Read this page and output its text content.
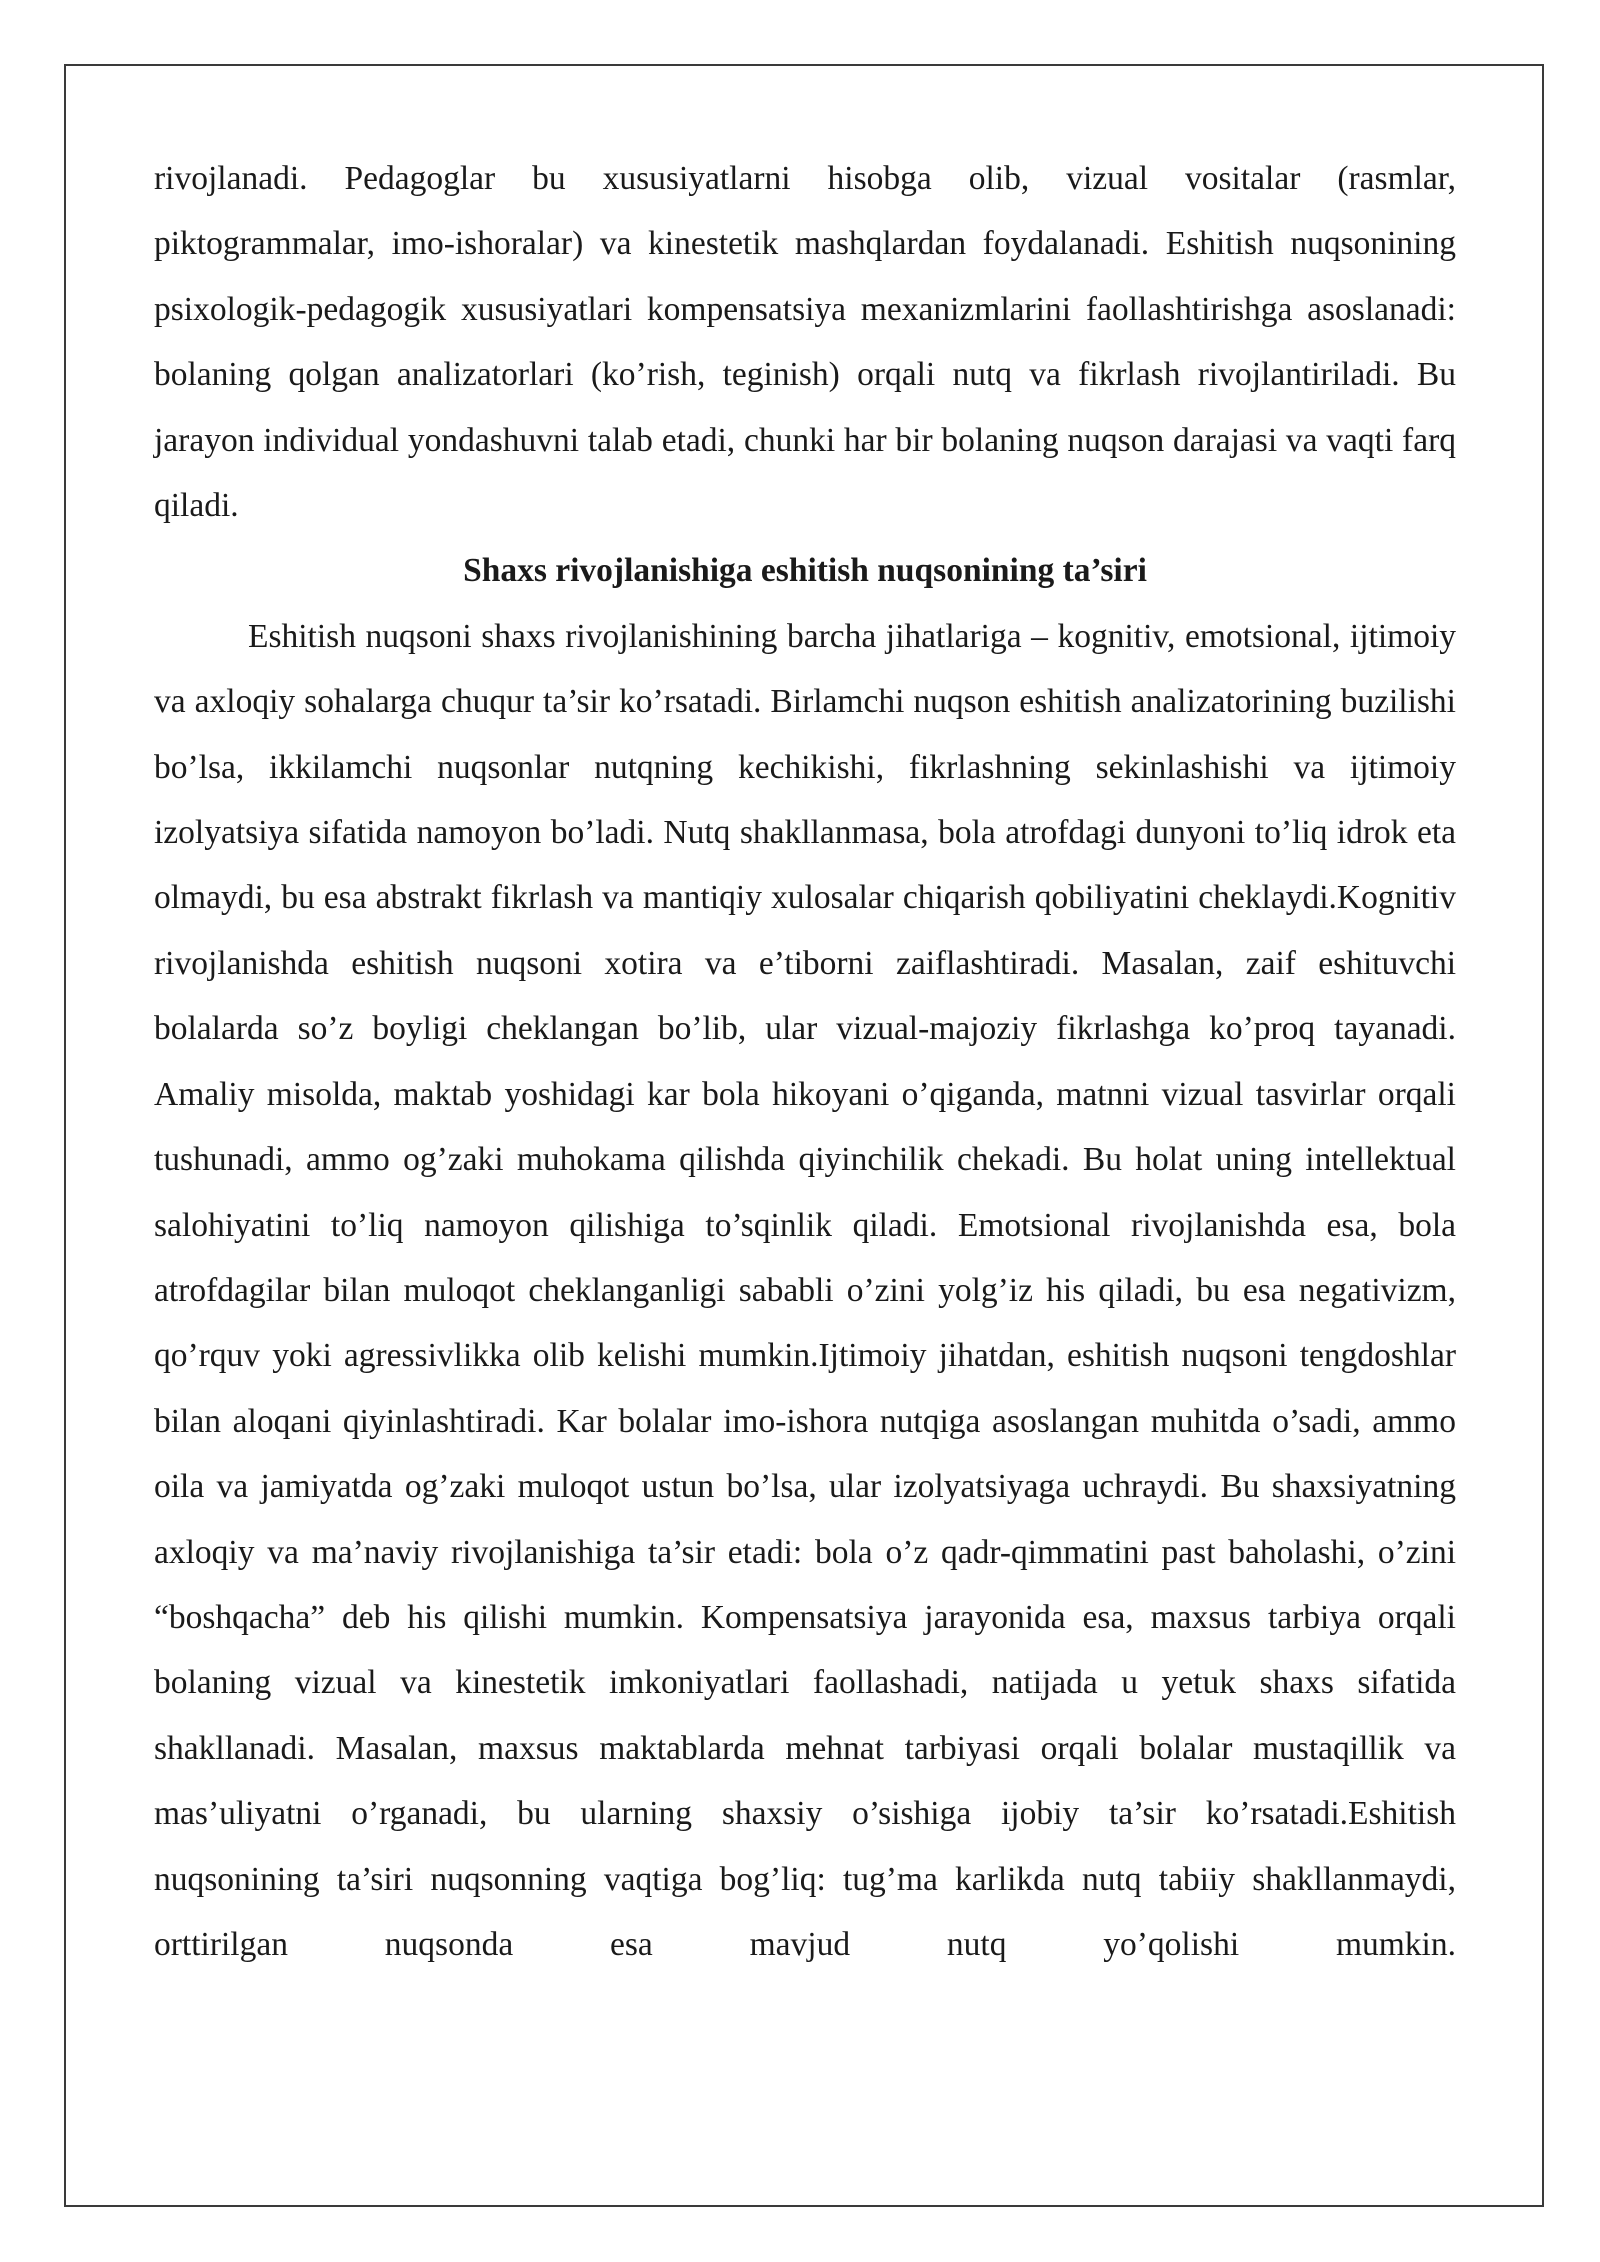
rivojlanadi. Pedagoglar bu xususiyatlarni hisobga olib, vizual vositalar (rasmlar, piktogrammalar, imo-ishoralar) va kinestetik mashqlardan foydalanadi. Eshitish nuqsonining psixologik-pedagogik xususiyatlari kompensatsiya mexanizmlarini faollashtirishga asoslanadi: bolaning qolgan analizatorlari (ko’rish, teginish) orqali nutq va fikrlash rivojlantiriladi. Bu jarayon individual yondashuvni talab etadi, chunki har bir bolaning nuqson darajasi va vaqti farq qiladi.

Shaxs rivojlanishiga eshitish nuqsonining ta’siri

Eshitish nuqsoni shaxs rivojlanishining barcha jihatlariga – kognitiv, emotsional, ijtimoiy va axloqiy sohalarga chuqur ta’sir ko’rsatadi. Birlamchi nuqson eshitish analizatorining buzilishi bo’lsa, ikkilamchi nuqsonlar nutqning kechikishi, fikrlashning sekinlashishi va ijtimoiy izolyatsiya sifatida namoyon bo’ladi. Nutq shakllanmasa, bola atrofdagi dunyoni to’liq idrok eta olmaydi, bu esa abstrakt fikrlash va mantiqiy xulosalar chiqarish qobiliyatini cheklaydi.Kognitiv rivojlanishda eshitish nuqsoni xotira va e’tiborni zaiflashtiradi. Masalan, zaif eshituvchi bolalarda so’z boyligi cheklangan bo’lib, ular vizual-majoziy fikrlashga ko’proq tayanadi. Amaliy misolda, maktab yoshidagi kar bola hikoyani o’qiganda, matnni vizual tasvirlar orqali tushunadi, ammo og’zaki muhokama qilishda qiyinchilik chekadi. Bu holat uning intellektual salohiyatini to’liq namoyon qilishiga to’sqinlik qiladi. Emotsional rivojlanishda esa, bola atrofdagilar bilan muloqot cheklanganligi sababli o’zini yolg’iz his qiladi, bu esa negativizm, qo’rquv yoki agressivlikka olib kelishi mumkin.Ijtimoiy jihatdan, eshitish nuqsoni tengdoshlar bilan aloqani qiyinlashtiradi. Kar bolalar imo-ishora nutqiga asoslangan muhitda o’sadi, ammo oila va jamiyatda og’zaki muloqot ustun bo’lsa, ular izolyatsiyaga uchraydi. Bu shaxsiyatning axloqiy va ma’naviy rivojlanishiga ta’sir etadi: bola o’z qadr-qimmatini past baholashi, o’zini “boshqacha” deb his qilishi mumkin. Kompensatsiya jarayonida esa, maxsus tarbiya orqali bolaning vizual va kinestetik imkoniyatlari faollashadi, natijada u yetuk shaxs sifatida shakllanadi. Masalan, maxsus maktablarda mehnat tarbiyasi orqali bolalar mustaqillik va mas’uliyatni o’rganadi, bu ularning shaxsiy o’sishiga ijobiy ta’sir ko’rsatadi.Eshitish nuqsonining ta’siri nuqsonning vaqtiga bog’liq: tug’ma karlikda nutq tabiiy shakllanmaydi, orttirilgan nuqsonda esa mavjud nutq yo’qolishi mumkin.
